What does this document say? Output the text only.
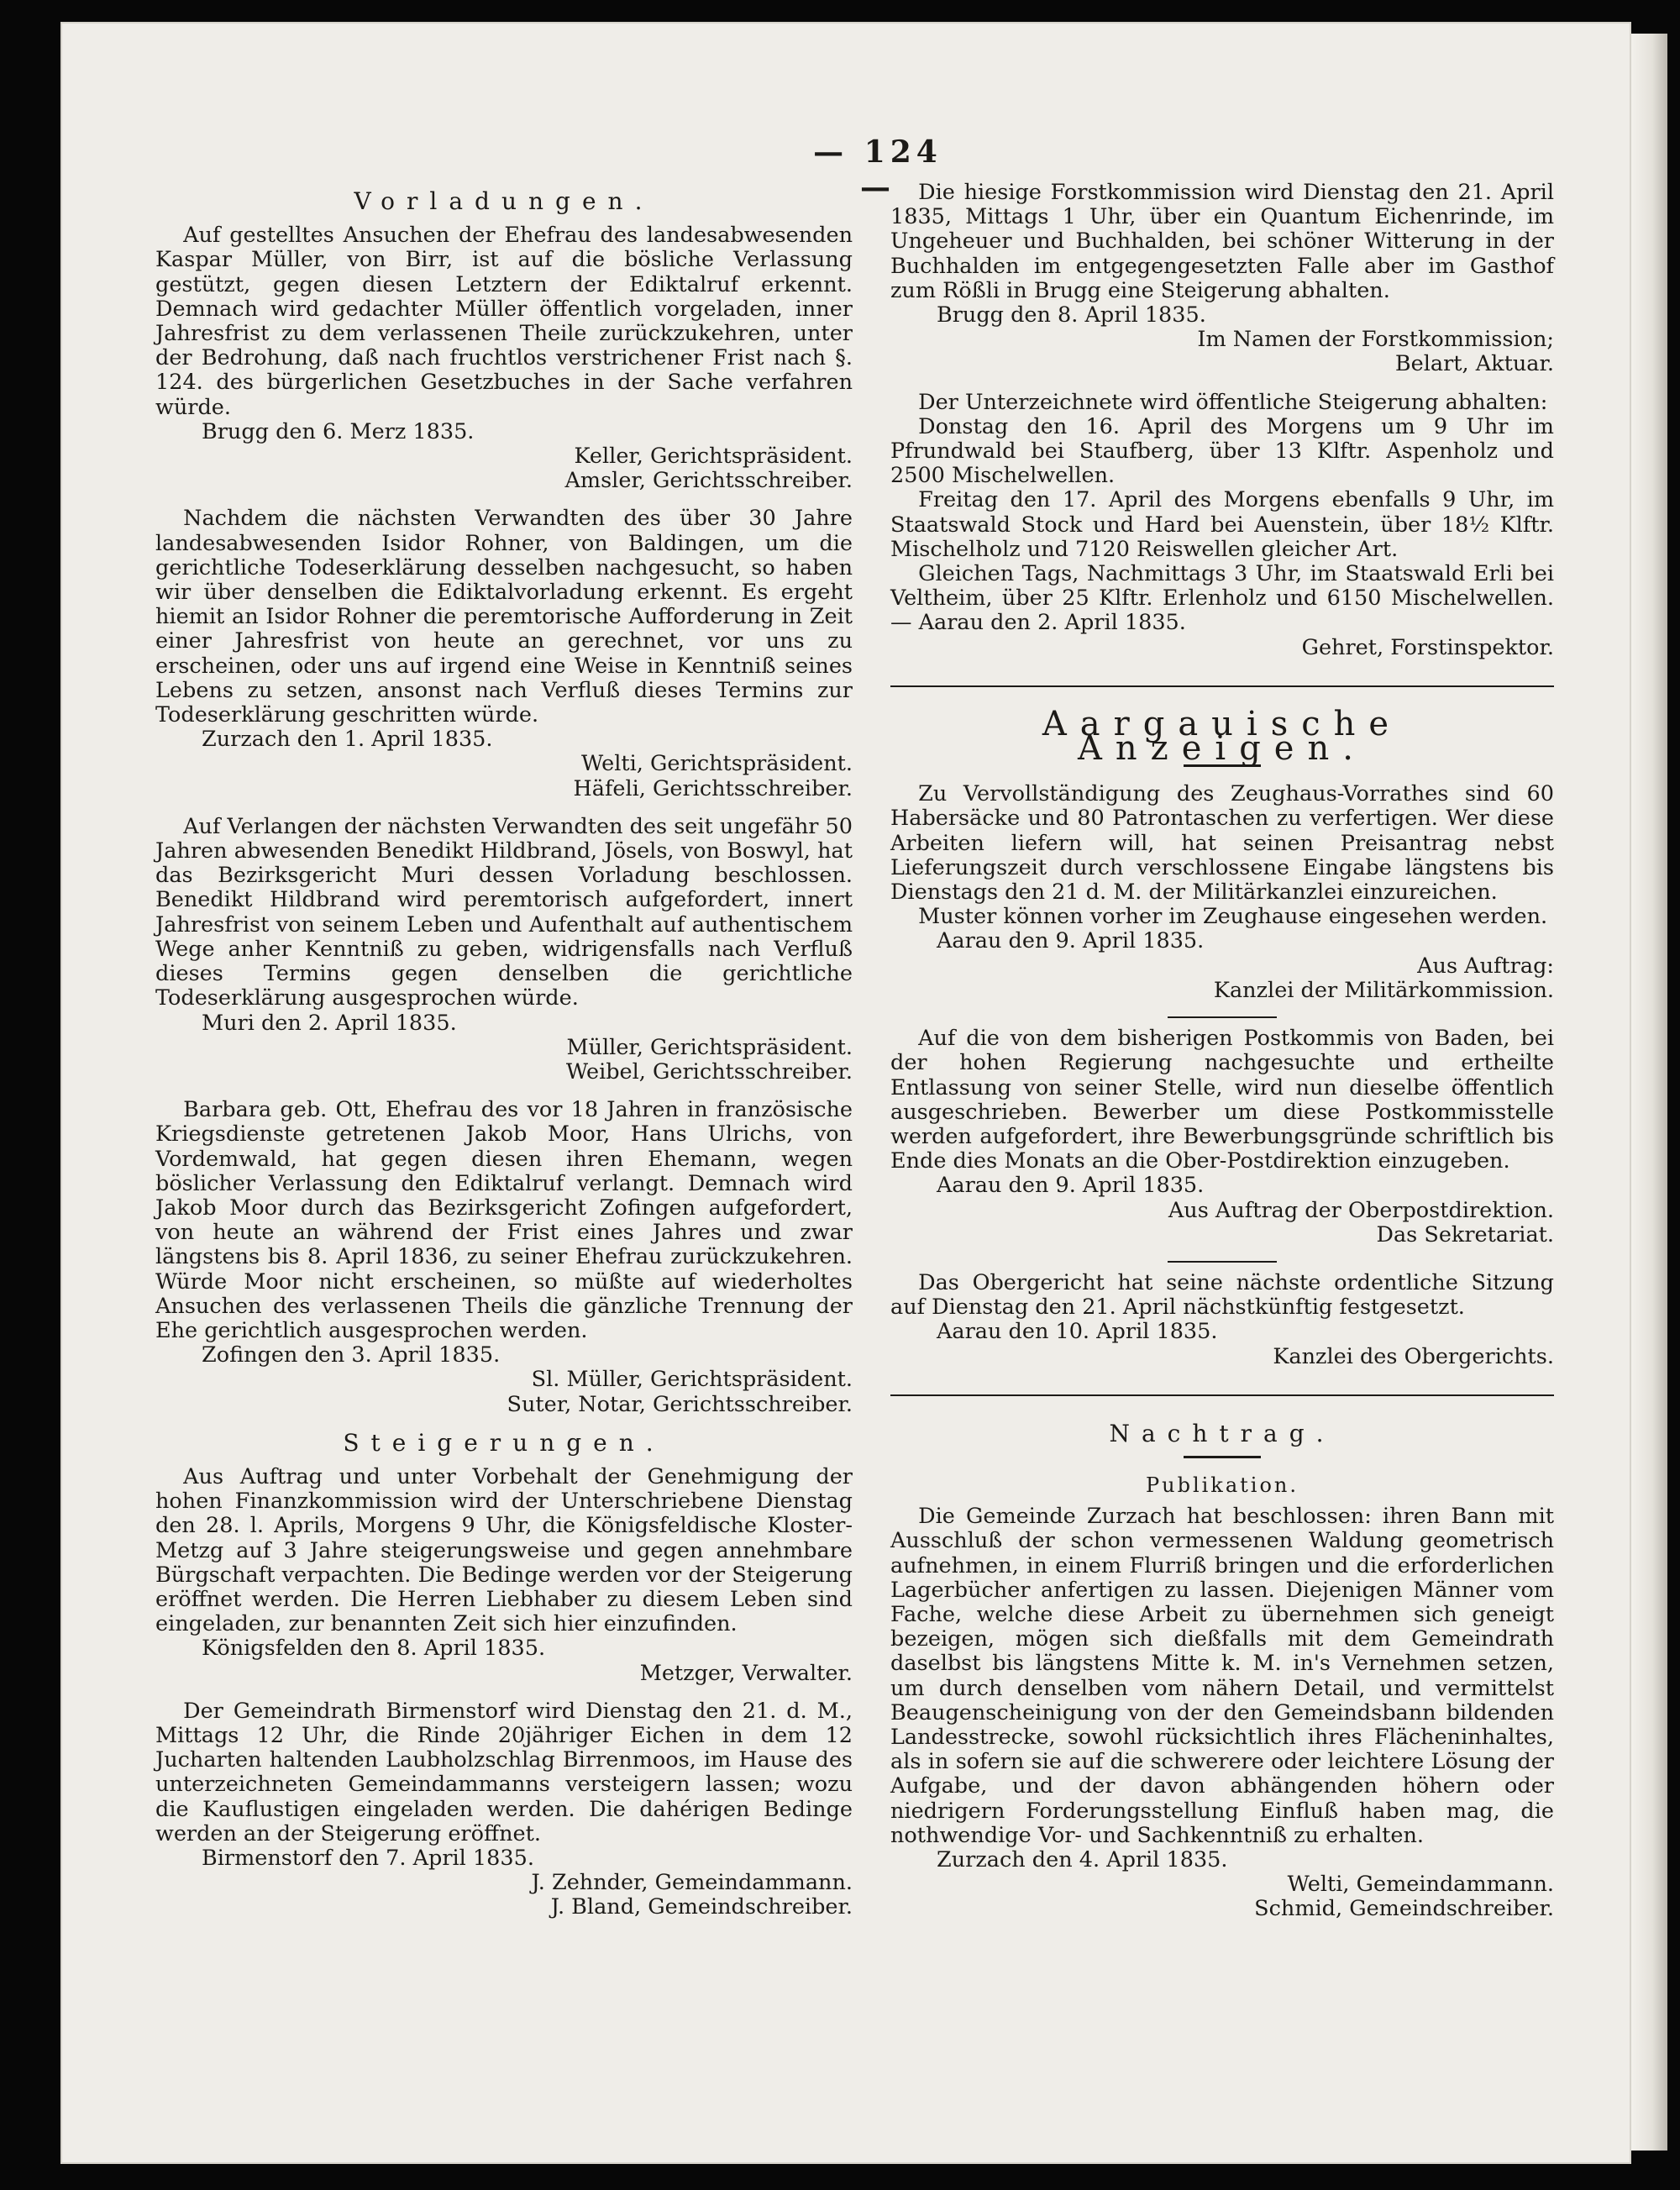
— 124 —
Vorladungen.

Auf gestelltes Ansuchen der Ehefrau des landesabwesenden Kaspar Müller, von Birr, ist auf die bösliche Verlassung gestützt, gegen diesen Letztern der Ediktalruf erkennt. Demnach wird gedachter Müller öffentlich vorgeladen, inner Jahresfrist zu dem verlassenen Theile zurückzukehren, unter der Bedrohung, daß nach fruchtlos verstrichener Frist nach §. 124. des bürgerlichen Gesetzbuches in der Sache verfahren würde.

Brugg den 6. Merz 1835.

Keller, Gerichtspräsident.

Amsler, Gerichtsschreiber.

Nachdem die nächsten Verwandten des über 30 Jahre landesabwesenden Isidor Rohner, von Baldingen, um die gerichtliche Todeserklärung desselben nachgesucht, so haben wir über denselben die Ediktalvorladung erkennt. Es ergeht hiemit an Isidor Rohner die peremtorische Aufforderung in Zeit einer Jahresfrist von heute an gerechnet, vor uns zu erscheinen, oder uns auf irgend eine Weise in Kenntniß seines Lebens zu setzen, ansonst nach Verfluß dieses Termins zur Todeserklärung geschritten würde.

Zurzach den 1. April 1835.

Welti, Gerichtspräsident.

Häfeli, Gerichtsschreiber.

Auf Verlangen der nächsten Verwandten des seit ungefähr 50 Jahren abwesenden Benedikt Hildbrand, Jösels, von Boswyl, hat das Bezirksgericht Muri dessen Vorladung beschlossen. Benedikt Hildbrand wird peremtorisch aufgefordert, innert Jahresfrist von seinem Leben und Aufenthalt auf authentischem Wege anher Kenntniß zu geben, widrigensfalls nach Verfluß dieses Termins gegen denselben die gerichtliche Todeserklärung ausgesprochen würde.

Muri den 2. April 1835.

Müller, Gerichtspräsident.

Weibel, Gerichtsschreiber.

Barbara geb. Ott, Ehefrau des vor 18 Jahren in französische Kriegsdienste getretenen Jakob Moor, Hans Ulrichs, von Vordemwald, hat gegen diesen ihren Ehemann, wegen böslicher Verlassung den Ediktalruf verlangt. Demnach wird Jakob Moor durch das Bezirksgericht Zofingen aufgefordert, von heute an während der Frist eines Jahres und zwar längstens bis 8. April 1836, zu seiner Ehefrau zurückzukehren. Würde Moor nicht erscheinen, so müßte auf wiederholtes Ansuchen des verlassenen Theils die gänzliche Trennung der Ehe gerichtlich ausgesprochen werden.

Zofingen den 3. April 1835.

Sl. Müller, Gerichtspräsident.

Suter, Notar, Gerichtsschreiber.

Steigerungen.

Aus Auftrag und unter Vorbehalt der Genehmigung der hohen Finanzkommission wird der Unterschriebene Dienstag den 28. l. Aprils, Morgens 9 Uhr, die Königsfeldische Kloster-Metzg auf 3 Jahre steigerungsweise und gegen annehmbare Bürgschaft verpachten. Die Bedinge werden vor der Steigerung eröffnet werden. Die Herren Liebhaber zu diesem Leben sind eingeladen, zur benannten Zeit sich hier einzufinden.

Königsfelden den 8. April 1835.

Metzger, Verwalter.

Der Gemeindrath Birmenstorf wird Dienstag den 21. d. M., Mittags 12 Uhr, die Rinde 20jähriger Eichen in dem 12 Jucharten haltenden Laubholzschlag Birrenmoos, im Hause des unterzeichneten Gemeindammanns versteigern lassen; wozu die Kauflustigen eingeladen werden. Die dahérigen Bedinge werden an der Steigerung eröffnet.

Birmenstorf den 7. April 1835.

J. Zehnder, Gemeindammann.

J. Bland, Gemeindschreiber.

Die hiesige Forstkommission wird Dienstag den 21. April 1835, Mittags 1 Uhr, über ein Quantum Eichenrinde, im Ungeheuer und Buchhalden, bei schöner Witterung in der Buchhalden im entgegengesetzten Falle aber im Gasthof zum Rößli in Brugg eine Steigerung abhalten.

Brugg den 8. April 1835.

Im Namen der Forstkommission;

Belart, Aktuar.

Der Unterzeichnete wird öffentliche Steigerung abhalten:

Donstag den 16. April des Morgens um 9 Uhr im Pfrundwald bei Staufberg, über 13 Klftr. Aspenholz und 2500 Mischelwellen.

Freitag den 17. April des Morgens ebenfalls 9 Uhr, im Staatswald Stock und Hard bei Auenstein, über 18½ Klftr. Mischelholz und 7120 Reiswellen gleicher Art.

Gleichen Tags, Nachmittags 3 Uhr, im Staatswald Erli bei Veltheim, über 25 Klftr. Erlenholz und 6150 Mischelwellen. — Aarau den 2. April 1835.

Gehret, Forstinspektor.

Aargauische Anzeigen.

Zu Vervollständigung des Zeughaus-Vorrathes sind 60 Habersäcke und 80 Patrontaschen zu verfertigen. Wer diese Arbeiten liefern will, hat seinen Preisantrag nebst Lieferungszeit durch verschlossene Eingabe längstens bis Dienstags den 21 d. M. der Militärkanzlei einzureichen.

Muster können vorher im Zeughause eingesehen werden.

Aarau den 9. April 1835.

Aus Auftrag:

Kanzlei der Militärkommission.

Auf die von dem bisherigen Postkommis von Baden, bei der hohen Regierung nachgesuchte und ertheilte Entlassung von seiner Stelle, wird nun dieselbe öffentlich ausgeschrieben. Bewerber um diese Postkommisstelle werden aufgefordert, ihre Bewerbungsgründe schriftlich bis Ende dies Monats an die Ober-Postdirektion einzugeben.

Aarau den 9. April 1835.

Aus Auftrag der Oberpostdirektion.

Das Sekretariat.

Das Obergericht hat seine nächste ordentliche Sitzung auf Dienstag den 21. April nächstkünftig festgesetzt.

Aarau den 10. April 1835.

Kanzlei des Obergerichts.

Nachtrag.
Publikation.

Die Gemeinde Zurzach hat beschlossen: ihren Bann mit Ausschluß der schon vermessenen Waldung geometrisch aufnehmen, in einem Flurriß bringen und die erforderlichen Lagerbücher anfertigen zu lassen. Diejenigen Männer vom Fache, welche diese Arbeit zu übernehmen sich geneigt bezeigen, mögen sich dießfalls mit dem Gemeindrath daselbst bis längstens Mitte k. M. in's Vernehmen setzen, um durch denselben vom nähern Detail, und vermittelst Beaugenscheinigung von der den Gemeindsbann bildenden Landesstrecke, sowohl rücksichtlich ihres Flächeninhaltes, als in sofern sie auf die schwerere oder leichtere Lösung der Aufgabe, und der davon abhängenden höhern oder niedrigern Forderungsstellung Einfluß haben mag, die nothwendige Vor- und Sachkenntniß zu erhalten.

Zurzach den 4. April 1835.

Welti, Gemeindammann.

Schmid, Gemeindschreiber.
